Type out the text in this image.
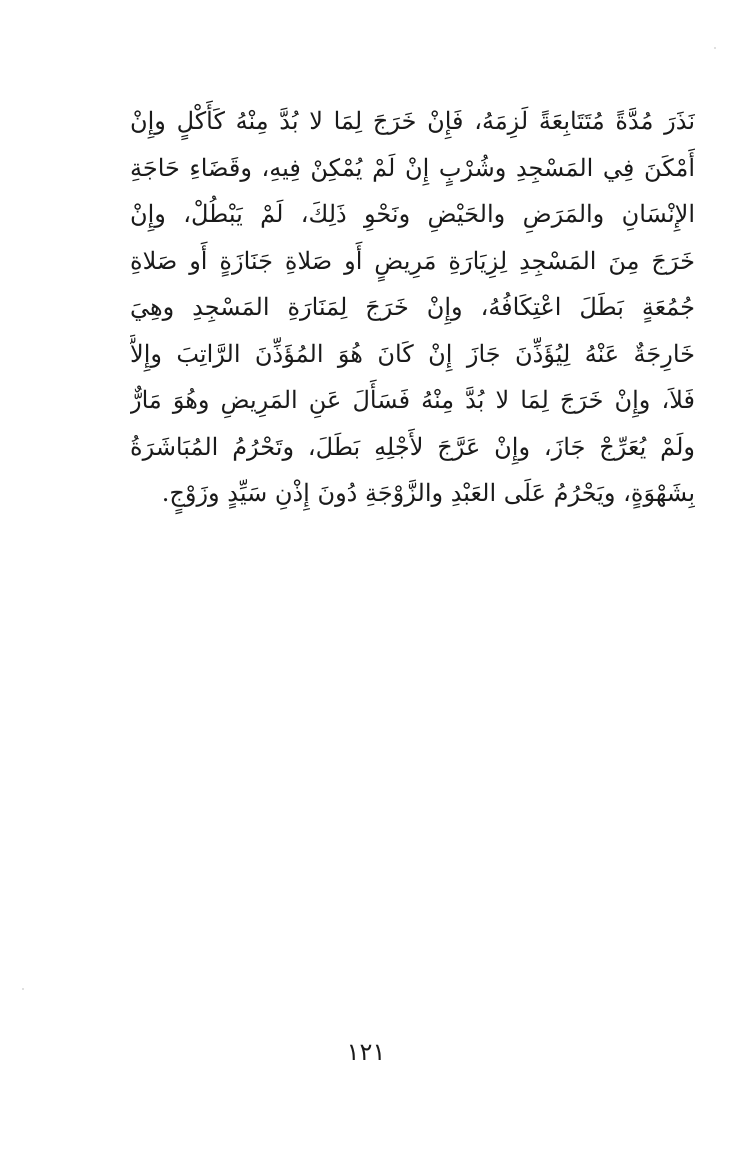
نَذَرَ مُدَّةً مُتَتَابِعَةً لَزِمَهُ، فَإِنْ خَرَجَ لِمَا لا بُدَّ مِنْهُ كَأَكْلٍ وإِنْ
أَمْكَنَ فِي المَسْجِدِ وشُرْبٍ إِنْ لَمْ يُمْكِنْ فِيهِ، وقَضَاءِ حَاجَةِ
الإِنْسَانِ والمَرَضِ والحَيْضِ ونَحْوِ ذَلِكَ، لَمْ يَبْطُلْ، وإِنْ
خَرَجَ مِنَ المَسْجِدِ لِزِيَارَةِ مَرِيضٍ أَو صَلاةِ جَنَازَةٍ أَو صَلاةِ
جُمُعَةٍ بَطَلَ اعْتِكَافُهُ، وإِنْ خَرَجَ لِمَنَارَةِ المَسْجِدِ وهِيَ
خَارِجَةٌ عَنْهُ لِيُؤَذِّنَ جَازَ إِنْ كَانَ هُوَ المُؤَذِّنَ الرَّاتِبَ وإِلاَّ
فَلاَ، وإِنْ خَرَجَ لِمَا لا بُدَّ مِنْهُ فَسَأَلَ عَنِ المَرِيضِ وهُوَ مَارٌّ
ولَمْ يُعَرِّجْ جَازَ، وإِنْ عَرَّجَ لأَجْلِهِ بَطَلَ، وتَحْرُمُ المُبَاشَرَةُ
بِشَهْوَةٍ، ويَحْرُمُ عَلَى العَبْدِ والزَّوْجَةِ دُونَ إِذْنِ سَيِّدٍ وزَوْجٍ.
١٢١
